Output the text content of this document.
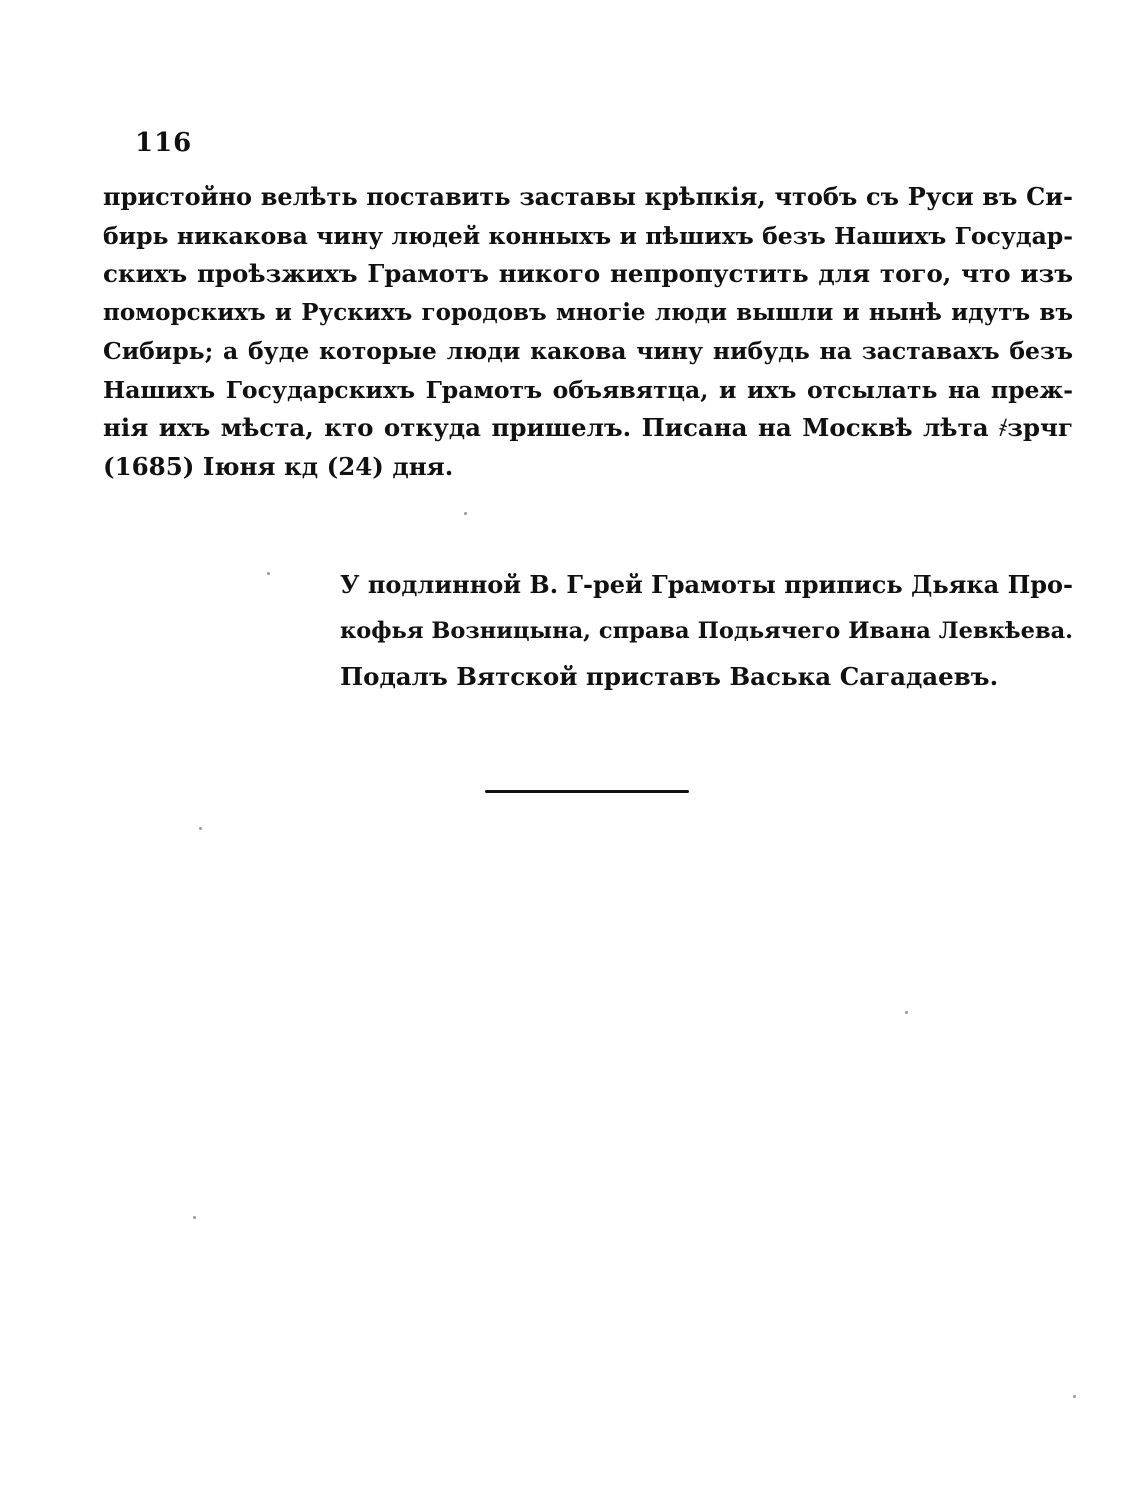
116
пристойно велѣть поставить заставы крѣпкія, чтобъ съ Руси въ Си-
бирь никакова чину людей конныхъ и пѣшихъ безъ Нашихъ Государ-
скихъ проѣзжихъ Грамотъ никого непропустить для того, что изъ
поморскихъ и Рускихъ городовъ многіе люди вышли и нынѣ идутъ въ
Сибирь; а буде которые люди какова чину нибудь на заставахъ безъ
Нашихъ Государскихъ Грамотъ объявятца, и ихъ отсылать на преж-
нія ихъ мѣста, кто откуда пришелъ. Писана на Москвѣ лѣта ҂зрчг
(1685) Іюня кд (24) дня.
У подлинной В. Г-рей Грамоты припись Дьяка Про-
кофья Возницына, справа Подьячего Ивана Левкѣева.
Подалъ Вятской приставъ Васька Сагадаевъ.
